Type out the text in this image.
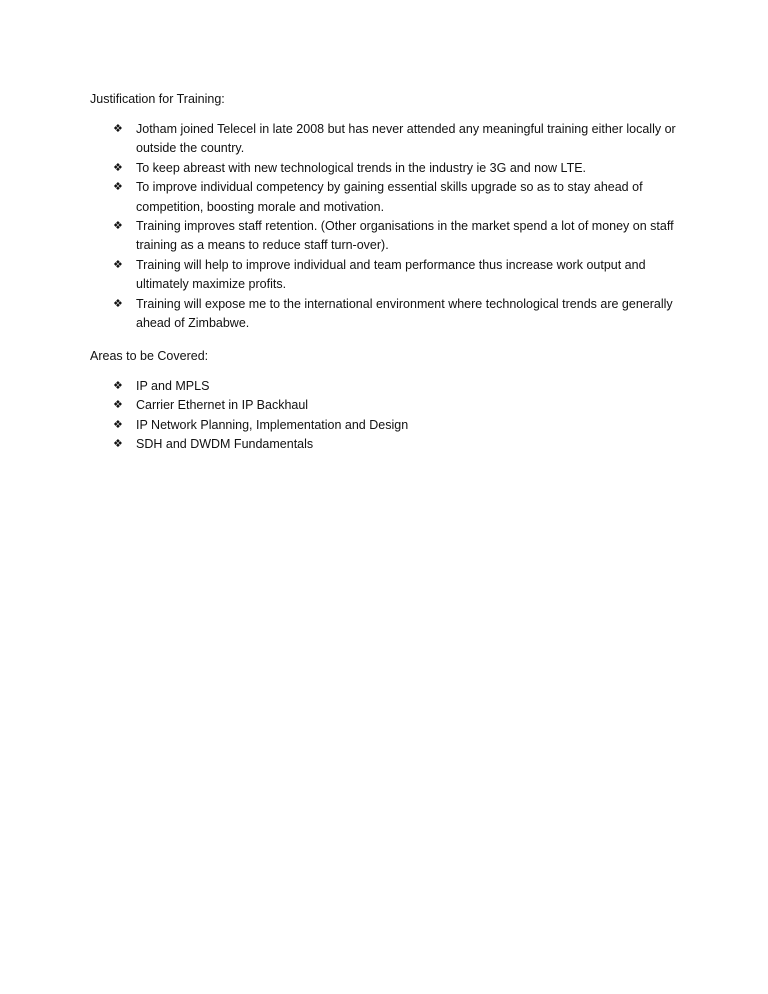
Justification for Training:

❖ Jotham joined Telecel in late 2008 but has never attended any meaningful training either locally or outside the country.
❖ To keep abreast with new technological trends in the industry ie 3G and now LTE.
❖ To improve individual competency by gaining essential skills upgrade so as to stay ahead of competition, boosting morale and motivation.
❖ Training improves staff retention. (Other organisations in the market spend a lot of money on staff training as a means to reduce staff turn-over).
❖ Training will help to improve individual and team performance thus increase work output and ultimately maximize profits.
❖ Training will expose me to the international environment where technological trends are generally ahead of Zimbabwe.

Areas to be Covered:

❖ IP and MPLS
❖ Carrier Ethernet in IP Backhaul
❖ IP Network Planning, Implementation and Design
❖ SDH and DWDM Fundamentals
